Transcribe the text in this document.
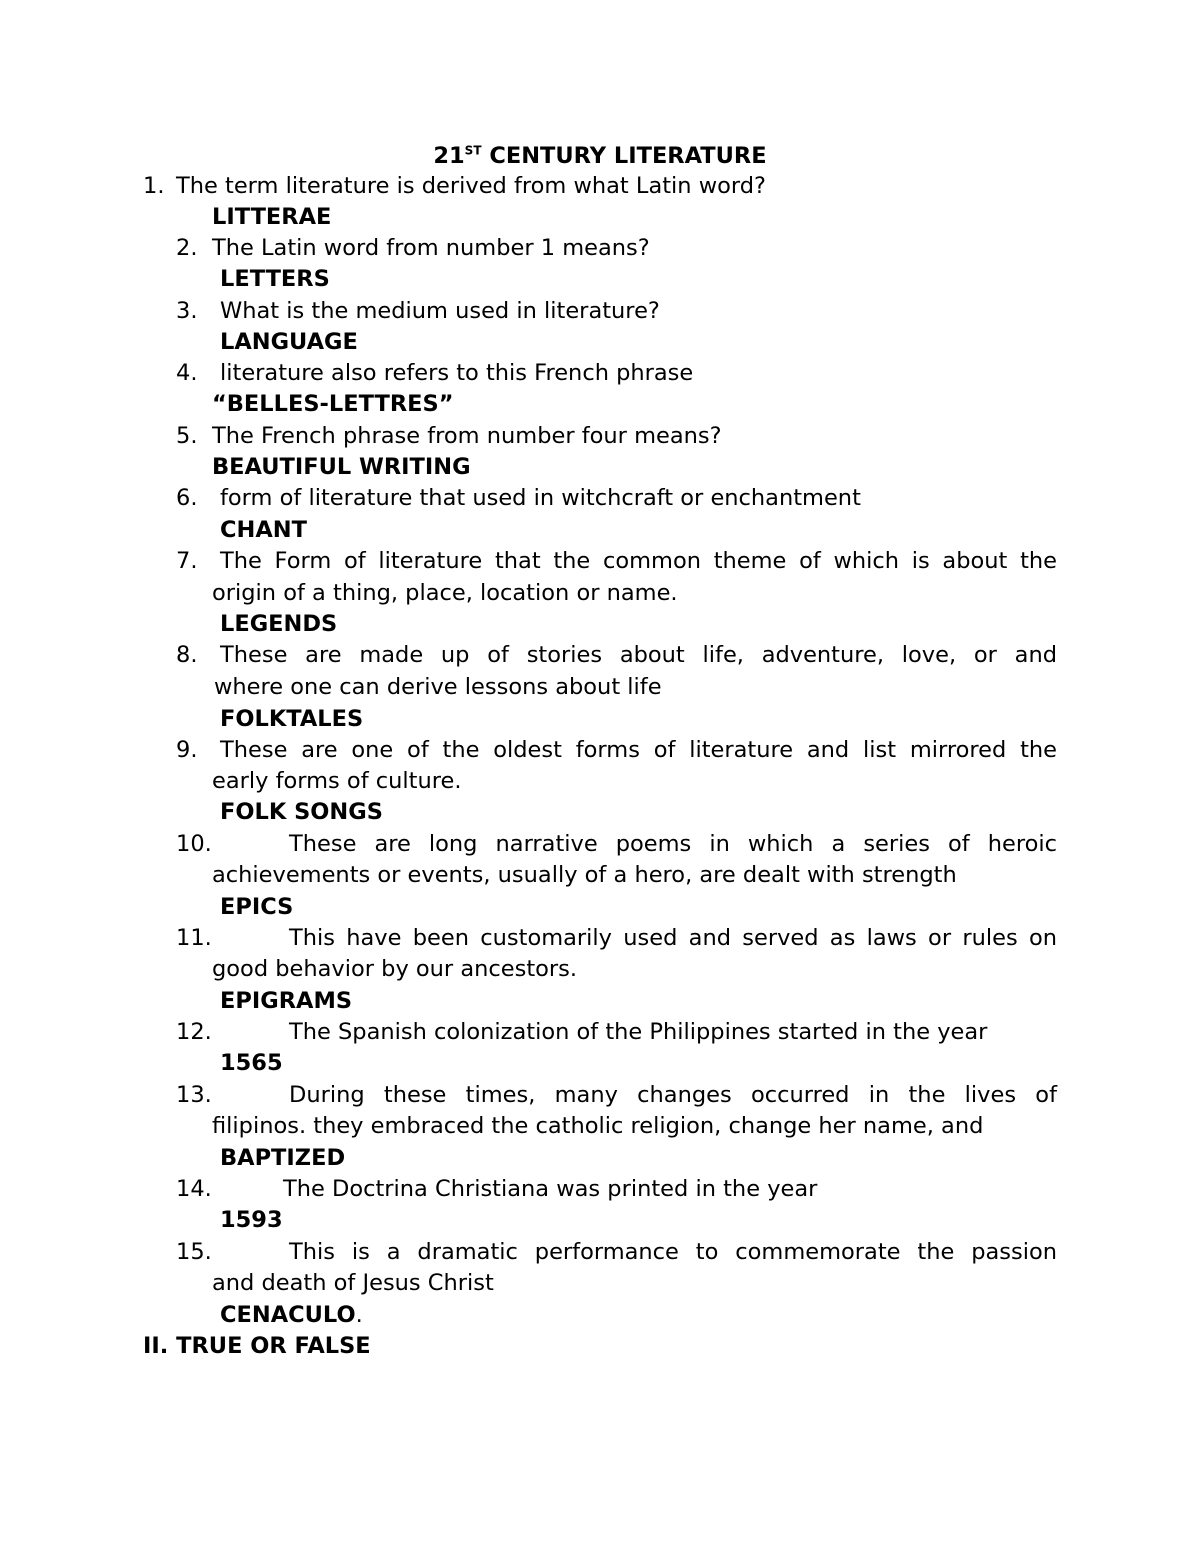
21ST CENTURY LITERATURE
1. The term literature is derived from what Latin word?
LITTERAE
2. The Latin word from number 1 means?
LETTERS
3. What is the medium used in literature?
LANGUAGE
4. literature also refers to this French phrase
“BELLES-LETTRES”
5. The French phrase from number four means?
BEAUTIFUL WRITING
6. form of literature that used in witchcraft or enchantment
CHANT
7. The Form of literature that the common theme of which is about the
origin of a thing, place, location or name.
LEGENDS
8. These are made up of stories about life, adventure, love, or and
where one can derive lessons about life
FOLKTALES
9. These are one of the oldest forms of literature and list mirrored the
early forms of culture.
FOLK SONGS
10.	These are long narrative poems in which a series of heroic
achievements or events, usually of a hero, are dealt with strength
EPICS
11.	This have been customarily used and served as laws or rules on
good behavior by our ancestors.
EPIGRAMS
12.	The Spanish colonization of the Philippines started in the year
1565
13.	During these times, many changes occurred in the lives of
filipinos. they embraced the catholic religion, change her name, and
BAPTIZED
14.	The Doctrina Christiana was printed in the year
1593
15.	This is a dramatic performance to commemorate the passion
and death of Jesus Christ
CENACULO.
II. TRUE OR FALSE
